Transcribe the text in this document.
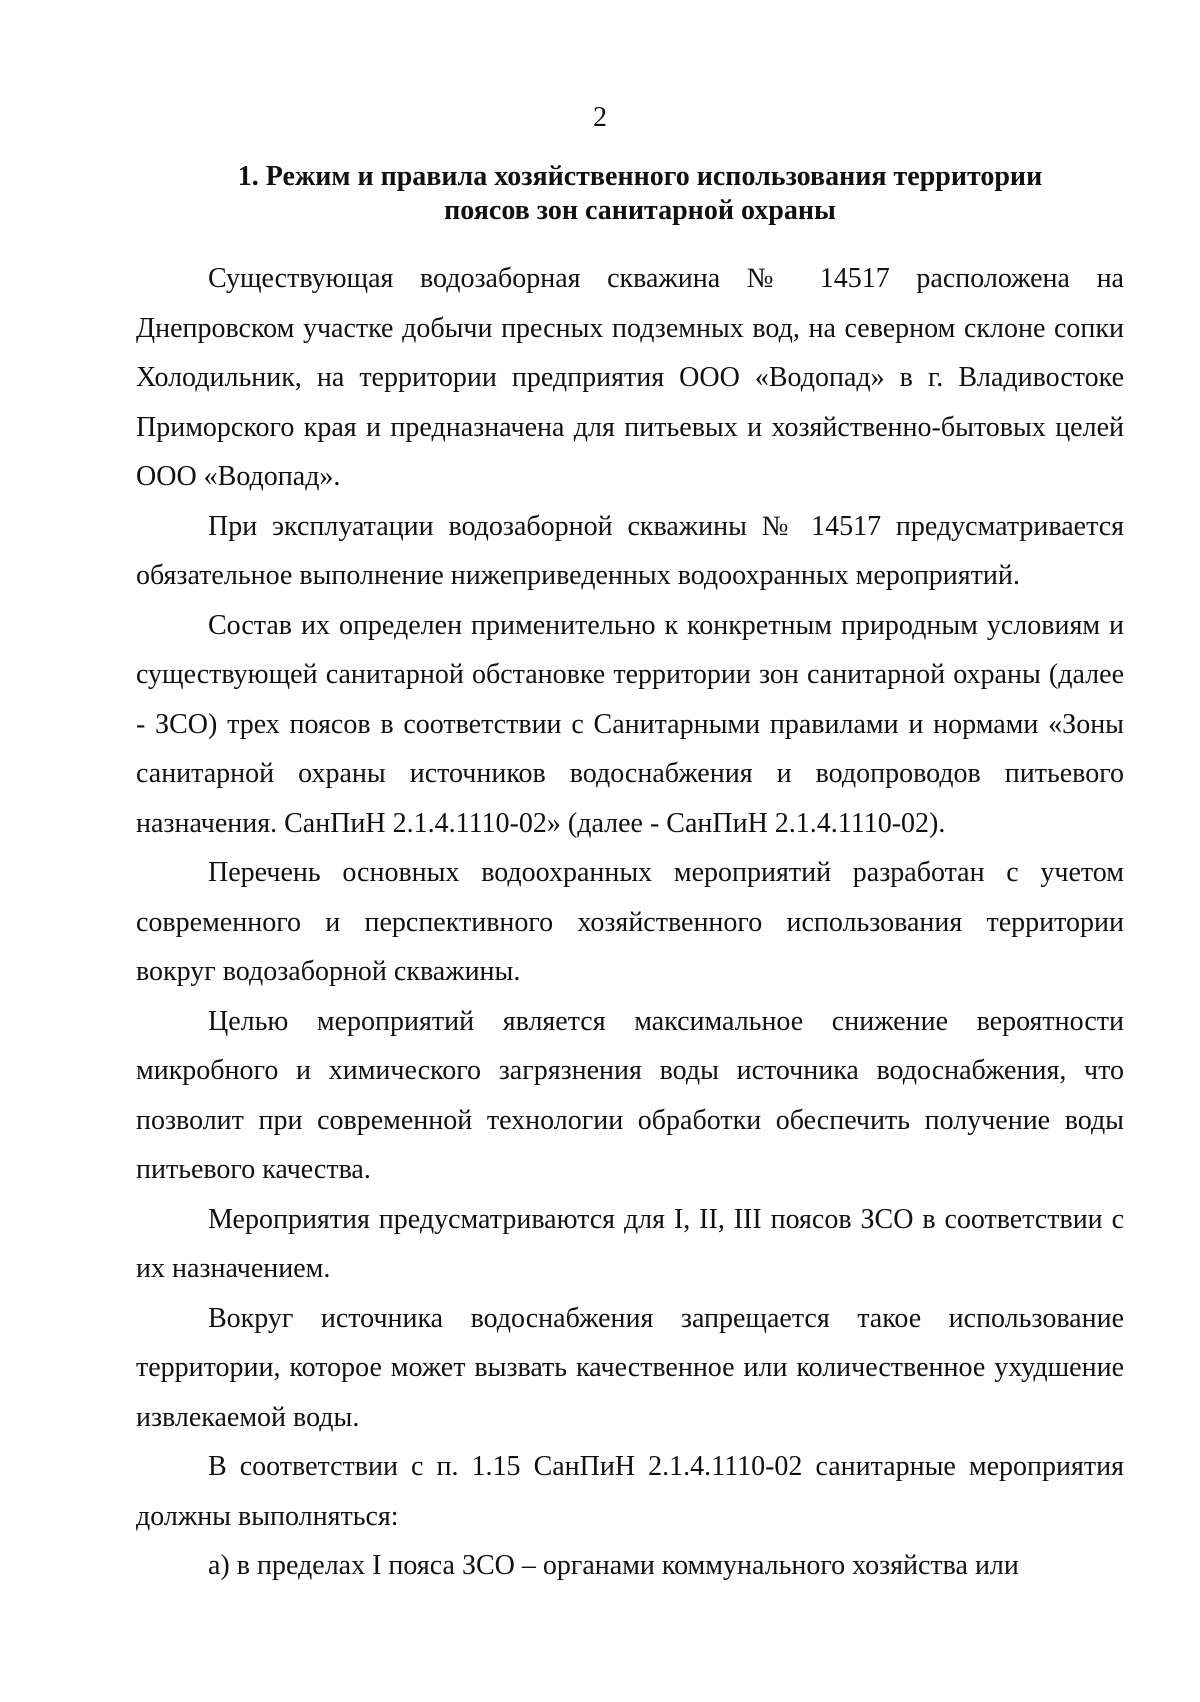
2
1. Режим и правила хозяйственного использования территории
поясов зон санитарной охраны

Существующая водозаборная скважина № 14517 расположена на Днепровском участке добычи пресных подземных вод, на северном склоне сопки Холодильник, на территории предприятия ООО «Водопад» в г. Владивостоке Приморского края и предназначена для питьевых и хозяйственно-бытовых целей ООО «Водопад».

При эксплуатации водозаборной скважины № 14517 предусматривается обязательное выполнение нижеприведенных водоохранных мероприятий.

Состав их определен применительно к конкретным природным условиям и существующей санитарной обстановке территории зон санитарной охраны (далее - ЗСО) трех поясов в соответствии с Санитарными правилами и нормами «Зоны санитарной охраны источников водоснабжения и водопроводов питьевого назначения. СанПиН 2.1.4.1110-02» (далее - СанПиН 2.1.4.1110-02).

Перечень основных водоохранных мероприятий разработан с учетом современного и перспективного хозяйственного использования территории вокруг водозаборной скважины.

Целью мероприятий является максимальное снижение вероятности микробного и химического загрязнения воды источника водоснабжения, что позволит при современной технологии обработки обеспечить получение воды питьевого качества.

Мероприятия предусматриваются для I, II, III поясов ЗСО в соответствии с их назначением.

Вокруг источника водоснабжения запрещается такое использование территории, которое может вызвать качественное или количественное ухудшение извлекаемой воды.

В соответствии с п. 1.15 СанПиН 2.1.4.1110-02 санитарные мероприятия должны выполняться:

а) в пределах I пояса ЗСО – органами коммунального хозяйства или
